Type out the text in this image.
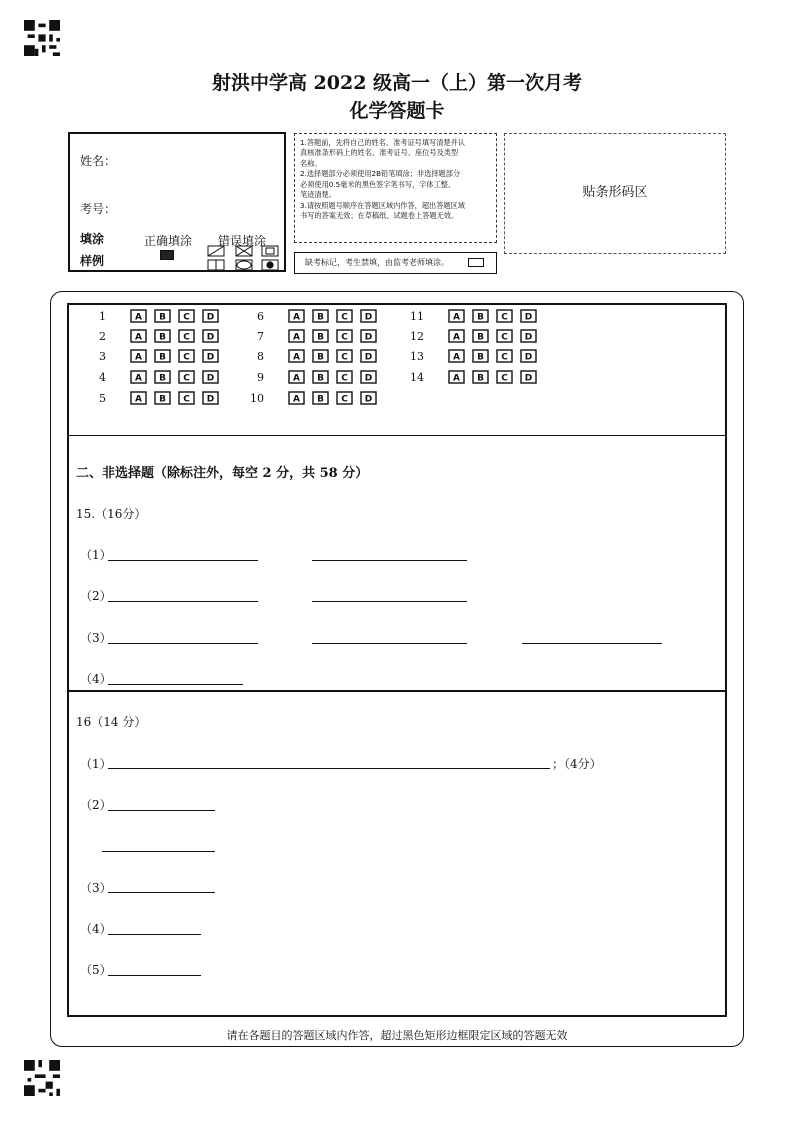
射洪中学高 2022 级高一（上）第一次月考
化学答题卡
姓名：
考号：
填涂
样例
正确填涂 错误填涂
1.答题前，先将自己的姓名、准考证号填写清楚并认
真核准条形码上的姓名、准考证号、座位号及类型
名称。
2.选择题部分必须使用2B铅笔填涂；非选择题部分
必须使用0.5毫米的黑色签字笔书写，字体工整、
笔迹清楚。
3.请按照题号顺序在答题区域内作答，超出答题区域
书写的答案无效；在草稿纸、试题卷上答题无效。
缺考标记，考生禁填，由监考老师填涂。
贴条形码区
1	A B C D
2	A B C D
3	A B C D
4	A B C D
5	A B C D
6	A B C D
7	A B C D
8	A B C D
9	A B C D
10	A B C D
11	A B C D
12	A B C D
13	A B C D
14	A B C D
二、非选择题（除标注外，每空 2 分，共 58 分）
15.（16分）
（1）
（2）
（3）
（4）
16（14 分）
（1）	；（4分）
（2）
（3）
（4）
（5）
请在各题目的答题区域内作答，超过黑色矩形边框限定区域的答题无效
